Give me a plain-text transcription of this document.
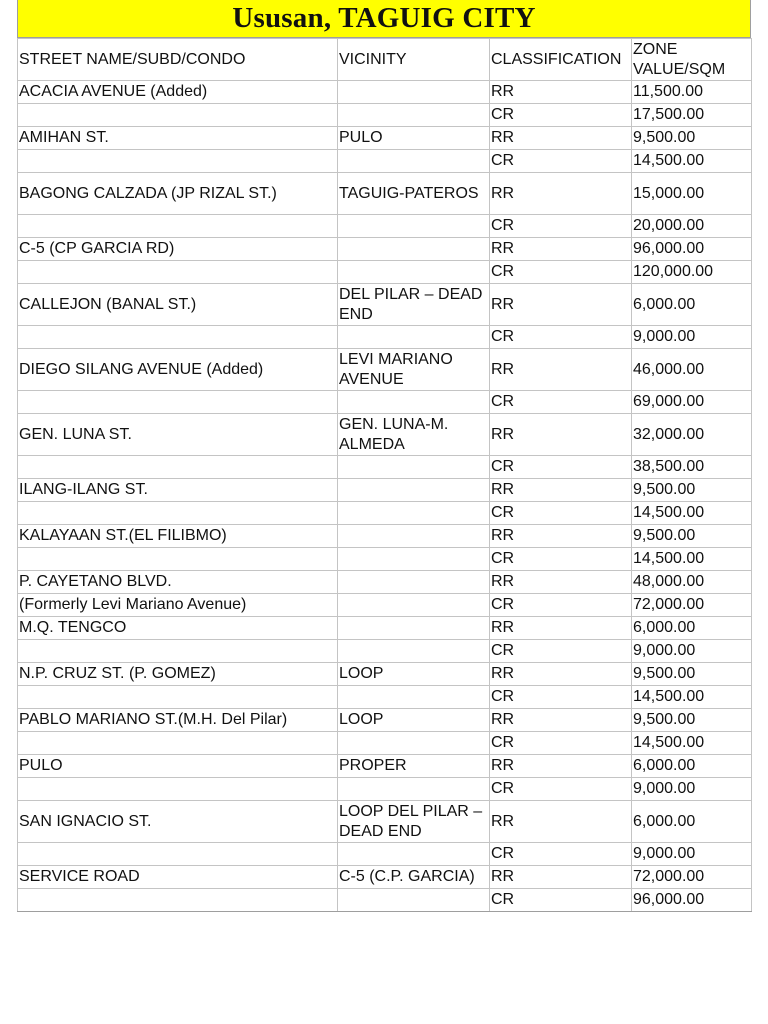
Ususan, TAGUIG CITY
STREET NAME/SUBD/CONDO	VICINITY	CLASSIFICATION	ZONE VALUE/SQM
ACACIA AVENUE (Added)		RR	11,500.00
		CR	17,500.00
AMIHAN ST.	PULO	RR	9,500.00
		CR	14,500.00
BAGONG CALZADA (JP RIZAL ST.)	TAGUIG-PATEROS	RR	15,000.00
		CR	20,000.00
C-5 (CP GARCIA RD)		RR	96,000.00
		CR	120,000.00
CALLEJON (BANAL ST.)	DEL PILAR – DEAD END	RR	6,000.00
		CR	9,000.00
DIEGO SILANG AVENUE (Added)	LEVI MARIANO AVENUE	RR	46,000.00
		CR	69,000.00
GEN. LUNA ST.	GEN. LUNA-M. ALMEDA	RR	32,000.00
		CR	38,500.00
ILANG-ILANG ST.		RR	9,500.00
		CR	14,500.00
KALAYAAN ST.(EL FILIBMO)		RR	9,500.00
		CR	14,500.00
P. CAYETANO BLVD.		RR	48,000.00
(Formerly Levi Mariano Avenue)		CR	72,000.00
M.Q. TENGCO		RR	6,000.00
		CR	9,000.00
N.P. CRUZ ST. (P. GOMEZ)	LOOP	RR	9,500.00
		CR	14,500.00
PABLO MARIANO ST.(M.H. Del Pilar)	LOOP	RR	9,500.00
		CR	14,500.00
PULO	PROPER	RR	6,000.00
		CR	9,000.00
SAN IGNACIO ST.	LOOP DEL PILAR – DEAD END	RR	6,000.00
		CR	9,000.00
SERVICE ROAD	C-5 (C.P. GARCIA)	RR	72,000.00
		CR	96,000.00
